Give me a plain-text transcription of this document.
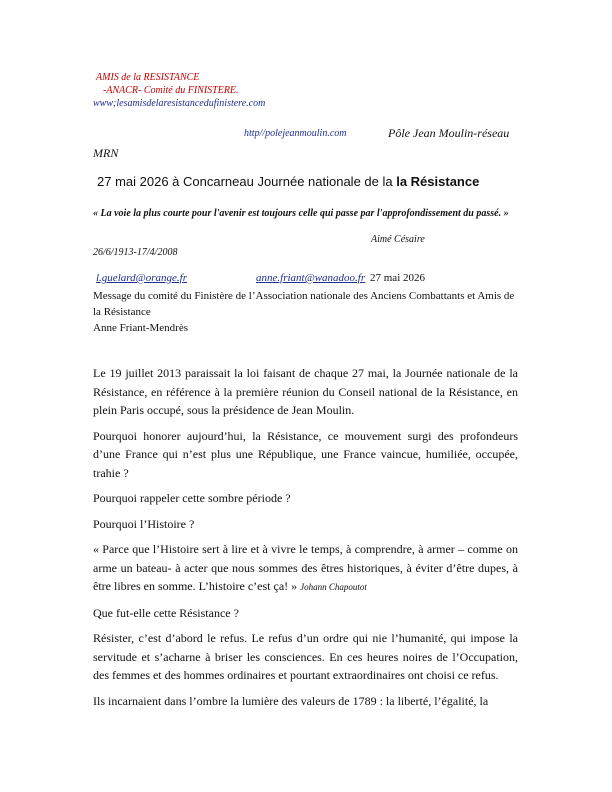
AMIS de la RESISTANCE
-ANACR- Comité du FINISTERE.
www;lesamisdelaresistancedufinistere.com
http//polejeanmoulin.com	Pôle Jean Moulin-réseau
MRN
27 mai 2026 à Concarneau Journée nationale de la la Résistance
« La voie la plus courte pour l'avenir est toujours celle qui passe par l'approfondissement du passé. »
Aimé Césaire
26/6/1913-17/4/2008
l.guelard@orange.fr	anne.friant@wanadoo.fr 27 mai 2026
Message du comité du Finistère de l’Association nationale des Anciens Combattants et Amis de la Résistance
Anne Friant-Mendrès

Le 19 juillet 2013 paraissait la loi faisant de chaque 27 mai, la Journée nationale de la Résistance, en référence à la première réunion du Conseil national de la Résistance, en plein Paris occupé, sous la présidence de Jean Moulin.

Pourquoi honorer aujourd’hui, la Résistance, ce mouvement surgi des profondeurs d’une France qui n’est plus une République, une France vaincue, humiliée, occupée, trahie ?

Pourquoi rappeler cette sombre période ?

Pourquoi l’Histoire ?

« Parce que l’Histoire sert à lire et à vivre le temps, à comprendre, à armer – comme on arme un bateau- à acter que nous sommes des êtres historiques, à éviter d’être dupes, à être libres en somme. L’histoire c’est ça! » Johann Chapoutot

Que fut-elle cette Résistance ?

Résister, c’est d’abord le refus. Le refus d’un ordre qui nie l’humanité, qui impose la servitude et s’acharne à briser les consciences. En ces heures noires de l’Occupation, des femmes et des hommes ordinaires et pourtant extraordinaires ont choisi ce refus.

Ils incarnaient dans l’ombre la lumière des valeurs de 1789 : la liberté, l’égalité, la
